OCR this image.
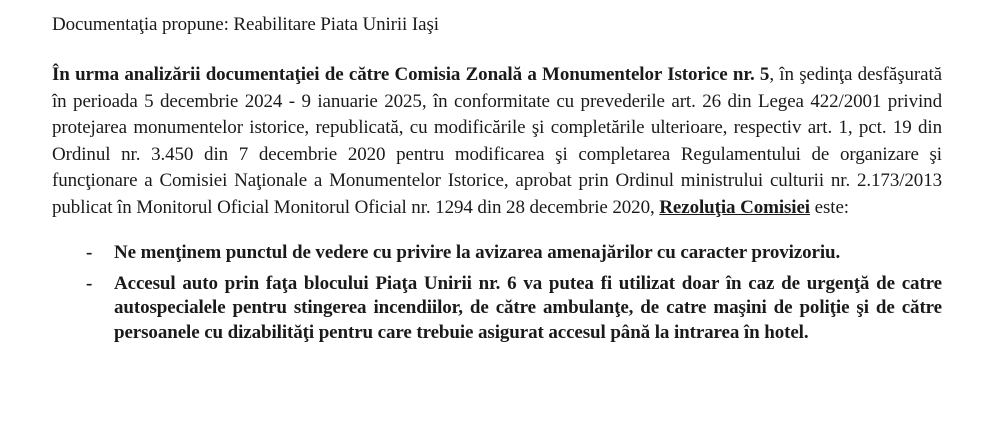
Documentaţia propune: Reabilitare Piata Unirii Iaşi

În urma analizării documentaţiei de către Comisia Zonală a Monumentelor Istorice nr. 5, în şedinţa desfăşurată în perioada 5 decembrie 2024 - 9 ianuarie 2025, în conformitate cu prevederile art. 26 din Legea 422/2001 privind protejarea monumentelor istorice, republicată, cu modificările şi completările ulterioare, respectiv art. 1, pct. 19 din Ordinul nr. 3.450 din 7 decembrie 2020 pentru modificarea şi completarea Regulamentului de organizare şi funcţionare a Comisiei Naţionale a Monumentelor Istorice, aprobat prin Ordinul ministrului culturii nr. 2.173/2013 publicat în Monitorul Oficial Monitorul Oficial nr. 1294 din 28 decembrie 2020, Rezoluţia Comisiei este:

- Ne menţinem punctul de vedere cu privire la avizarea amenajărilor cu caracter provizoriu.
- Accesul auto prin faţa blocului Piaţa Unirii nr. 6 va putea fi utilizat doar în caz de urgenţă de catre autospecialele pentru stingerea incendiilor, de către ambulanţe, de catre maşini de poliţie şi de către persoanele cu dizabilităţi pentru care trebuie asigurat accesul până la intrarea în hotel.
